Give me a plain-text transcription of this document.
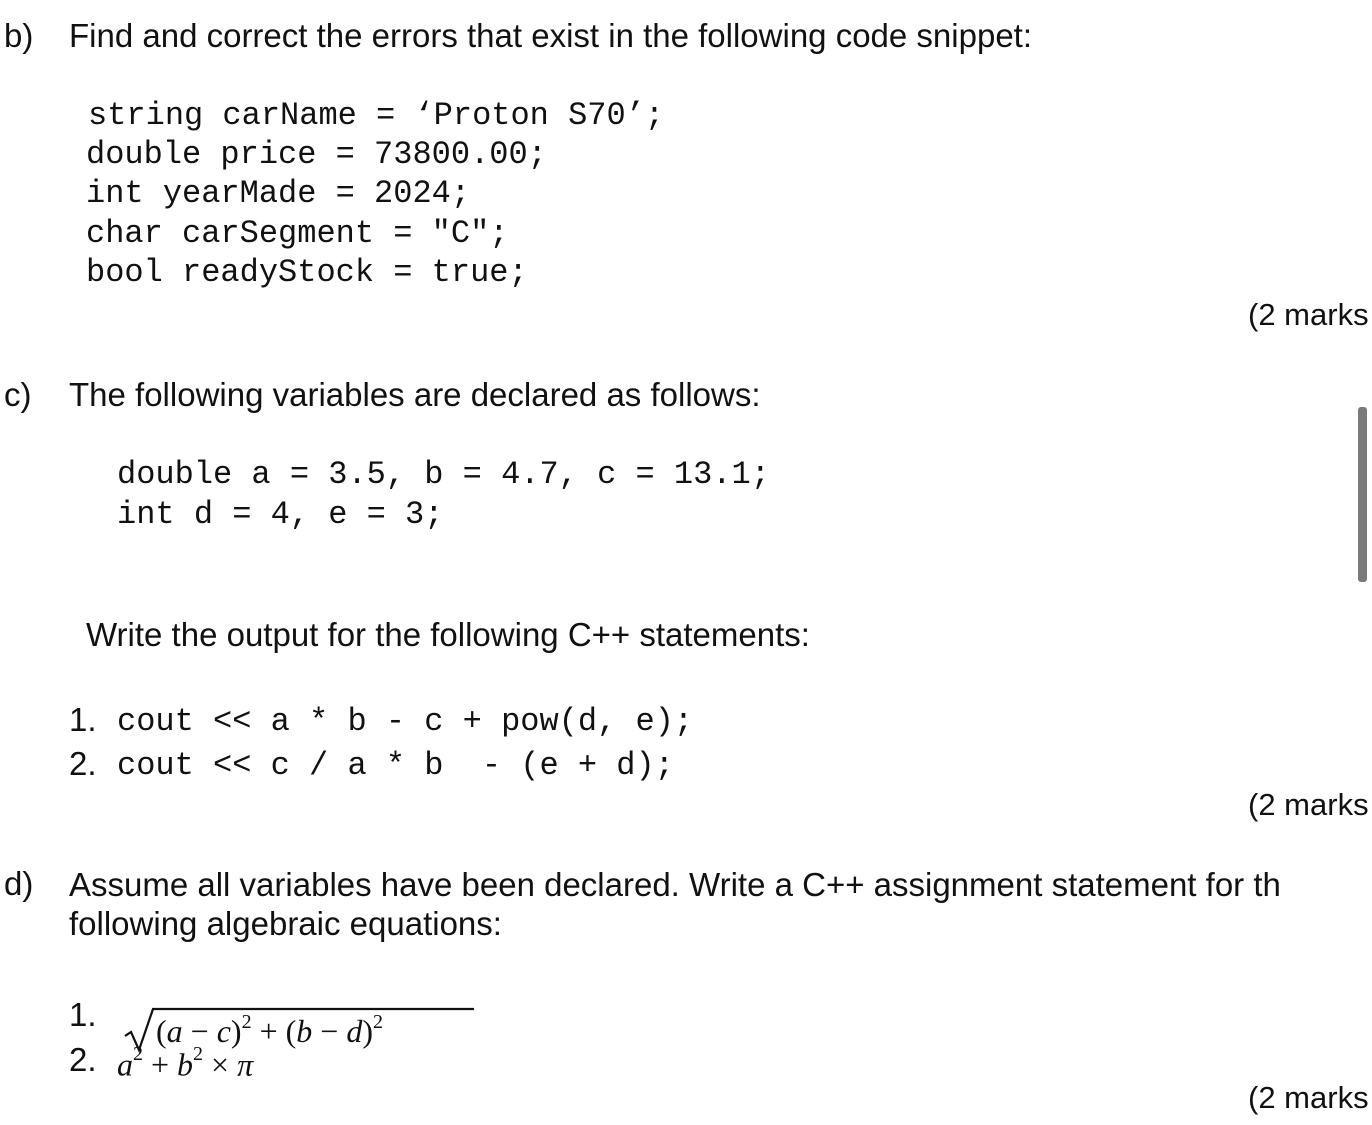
b) Find and correct the errors that exist in the following code snippet:
string carName = ‘Proton S70’;
double price = 73800.00;
int yearMade = 2024;
char carSegment = "C";
bool readyStock = true;
(2 marks
c) The following variables are declared as follows:
double a = 3.5, b = 4.7, c = 13.1;
int d = 4, e = 3;
Write the output for the following C++ statements:
1. cout << a * b - c + pow(d, e);
2. cout << c / a * b  - (e + d);
(2 marks
d) Assume all variables have been declared. Write a C++ assignment statement for th
following algebraic equations:
1.

$(a - c)^2 + (b - d)^2$

2. $a^2 + b^2 \times \pi$
(2 marks
